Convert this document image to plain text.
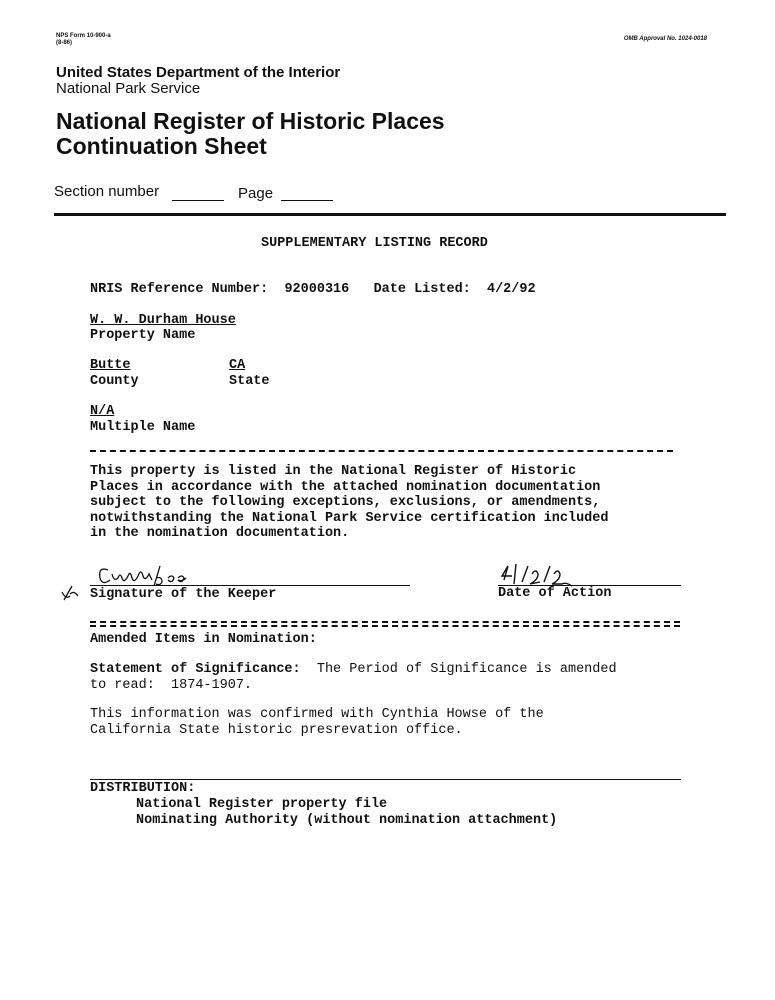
NPS Form 10-900-a
(8-86)
OMB Approval No. 1024-0018
United States Department of the Interior
National Park Service
National Register of Historic Places
Continuation Sheet
Section number	Page
SUPPLEMENTARY LISTING RECORD
NRIS Reference Number: 92000316 Date Listed: 4/2/92
W. W. Durham House
Property Name
Butte
County
CA
State
N/A
Multiple Name
This property is listed in the National Register of Historic
Places in accordance with the attached nomination documentation
subject to the following exceptions, exclusions, or amendments,
notwithstanding the National Park Service certification included
in the nomination documentation.
Signature of the Keeper	Date of Action
Amended Items in Nomination:
Statement of Significance:  The Period of Significance is amended
to read:  1874-1907.
This information was confirmed with Cynthia Howse of the
California State historic presrevation office.
DISTRIBUTION:
National Register property file
Nominating Authority (without nomination attachment)
